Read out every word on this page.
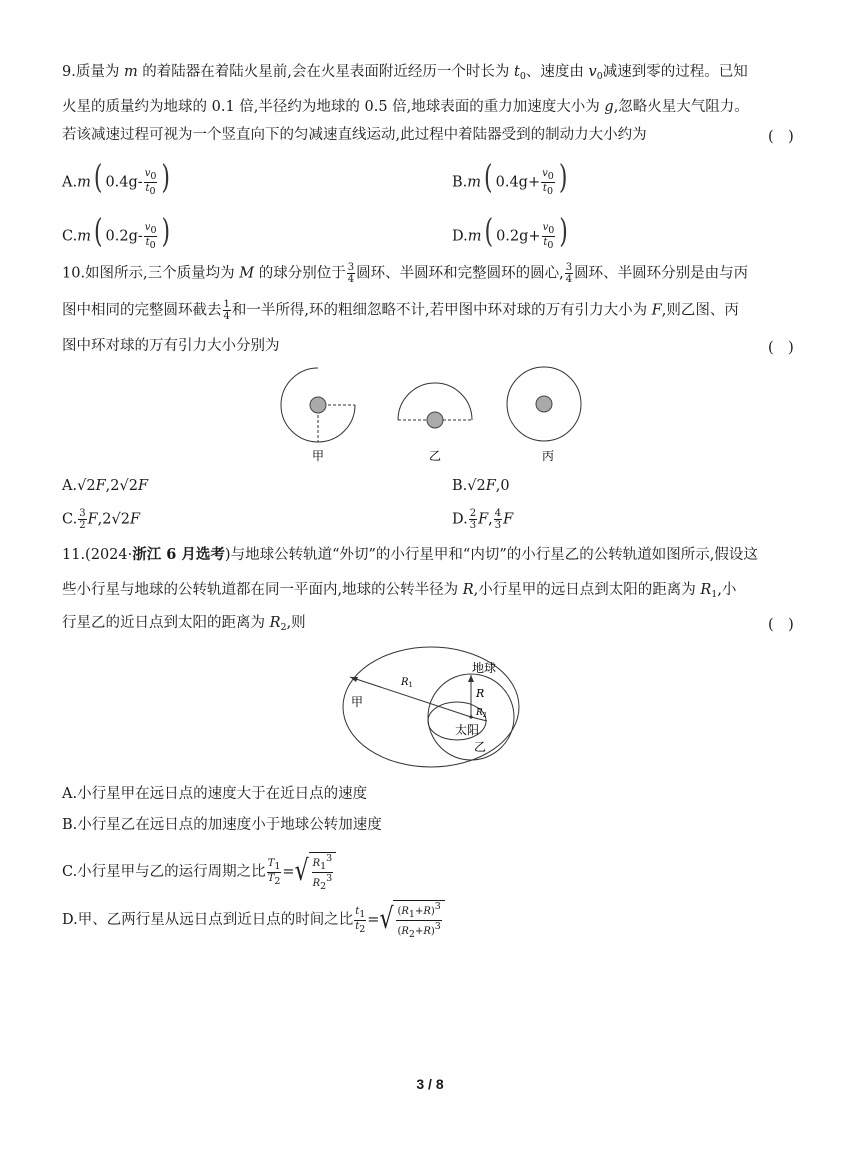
9.质量为 m 的着陆器在着陆火星前,会在火星表面附近经历一个时长为 $t_0$、速度由 $v_0$减速到零的过程。已知
火星的质量约为地球的 0.1 倍,半径约为地球的 0.5 倍,地球表面的重力加速度大小为 g,忽略火星大气阻力。
若该减速过程可视为一个竖直向下的匀减速直线运动,此过程中着陆器受到的制动力大小约为	(　)
A.m ( $0.4g- \frac{v_0}{t_0}$ )	B.m ( $0.4g+ \frac{v_0}{t_0}$ )
C.m ( $0.2g- \frac{v_0}{t_0}$ )	D.m ( $0.2g+ \frac{v_0}{t_0}$ )
10.如图所示,三个质量均为 M 的球分别位于 $\frac{3}{4}$ 圆环、半圆环和完整圆环的圆心, $\frac{3}{4}$ 圆环、半圆环分别是由与丙
图中相同的完整圆环截去 $\frac{1}{4}$ 和一半所得,环的粗细忽略不计,若甲图中环对球的万有引力大小为 F,则乙图、丙
图中环对球的万有引力大小分别为	(　)
甲	乙	丙
A.√2F,2√2F	B.√2F,0
C. $\frac{3}{2} F,2√2F$	D. $\frac{2}{3} F$, $\frac{4}{3}$ F
11.(2024·浙江 6 月选考)与地球公转轨道“外切”的小行星甲和“内切”的小行星乙的公转轨道如图所示,假设这
些小行星与地球的公转轨道都在同一平面内,地球的公转半径为 R,小行星甲的远日点到太阳的距离为 $R_1$,小
行星乙的近日点到太阳的距离为 $R_2$,则	(　)
$R_1$
R
$R_2$
地球
太阳
甲
乙
A.小行星甲在远日点的速度大于在近日点的速度
B.小行星乙在远日点的加速度小于地球公转加速度
C.小行星甲与乙的运行周期之比 $\frac{T_1}{T_2}$ =√ $\frac{R_1^3}{R_2^3}$
D.甲、乙两行星从远日点到近日点的时间之比 $\frac{t_1}{t_2}$ =√ $\frac{(R_1+R)^3}{(R_2+R)^3}$
3 / 8
